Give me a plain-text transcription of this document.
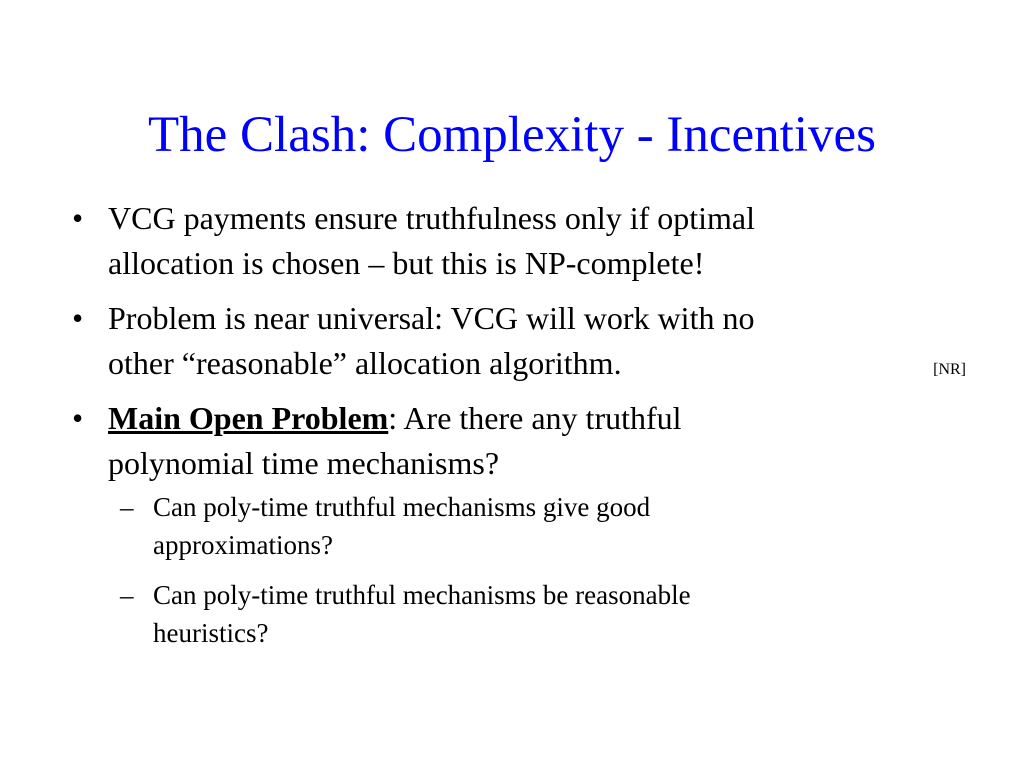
The Clash: Complexity - Incentives
• VCG payments ensure truthfulness only if optimal
allocation is chosen – but this is NP-complete!
• Problem is near universal: VCG will work with no
other “reasonable” allocation algorithm.	[NR]
• Main Open Problem: Are there any truthful
polynomial time mechanisms?
– Can poly-time truthful mechanisms give good
approximations?
– Can poly-time truthful mechanisms be reasonable
heuristics?
